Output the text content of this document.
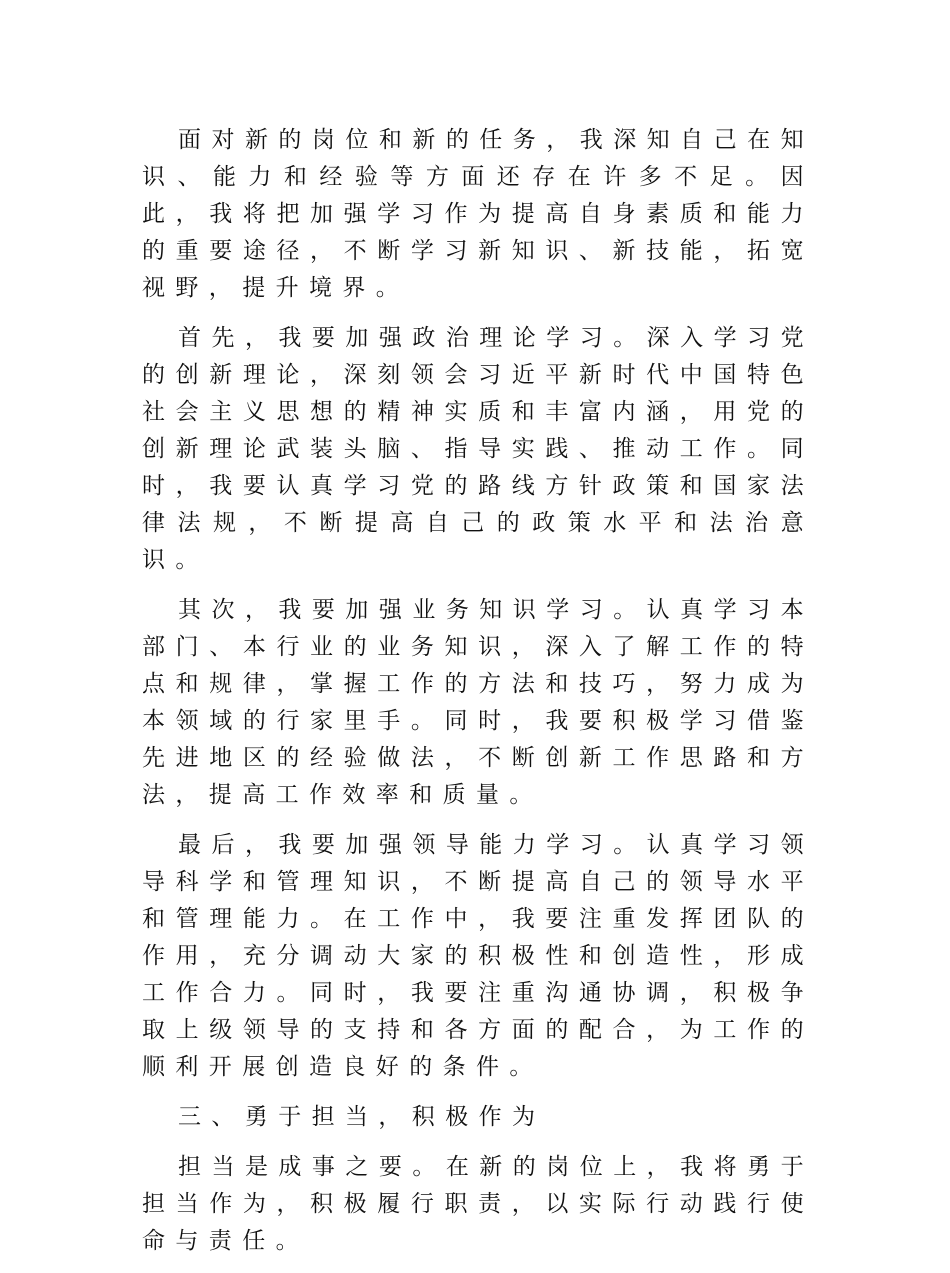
面对新的岗位和新的任务，我深知自己在知识、能力和经验等方面还存在许多不足。因此，我将把加强学习作为提高自身素质和能力的重要途径，不断学习新知识、新技能，拓宽视野，提升境界。

首先，我要加强政治理论学习。深入学习党的创新理论，深刻领会习近平新时代中国特色社会主义思想的精神实质和丰富内涵，用党的创新理论武装头脑、指导实践、推动工作。同时，我要认真学习党的路线方针政策和国家法律法规，不断提高自己的政策水平和法治意识。

其次，我要加强业务知识学习。认真学习本部门、本行业的业务知识，深入了解工作的特点和规律，掌握工作的方法和技巧，努力成为本领域的行家里手。同时，我要积极学习借鉴先进地区的经验做法，不断创新工作思路和方法，提高工作效率和质量。

最后，我要加强领导能力学习。认真学习领导科学和管理知识，不断提高自己的领导水平和管理能力。在工作中，我要注重发挥团队的作用，充分调动大家的积极性和创造性，形成工作合力。同时，我要注重沟通协调，积极争取上级领导的支持和各方面的配合，为工作的顺利开展创造良好的条件。

三、勇于担当，积极作为

担当是成事之要。在新的岗位上，我将勇于担当作为，积极履行职责，以实际行动践行使命与责任。
